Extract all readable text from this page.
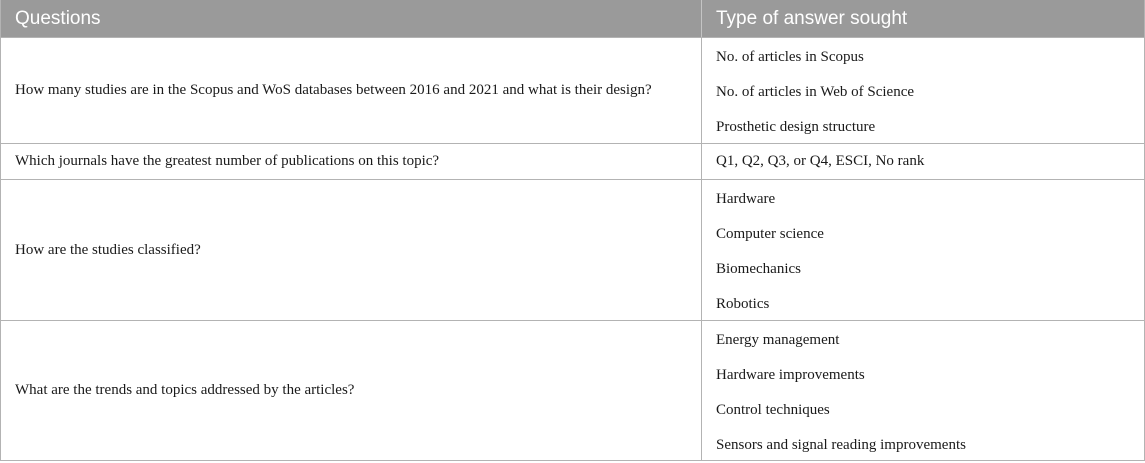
Questions	Type of answer sought
How many studies are in the Scopus and WoS databases between 2016 and 2021 and what is their design?
No. of articles in Scopus
No. of articles in Web of Science
Prosthetic design structure
Which journals have the greatest number of publications on this topic?	Q1, Q2, Q3, or Q4, ESCI, No rank
How are the studies classified?
Hardware
Computer science
Biomechanics
Robotics
What are the trends and topics addressed by the articles?
Energy management
Hardware improvements
Control techniques
Sensors and signal reading improvements
